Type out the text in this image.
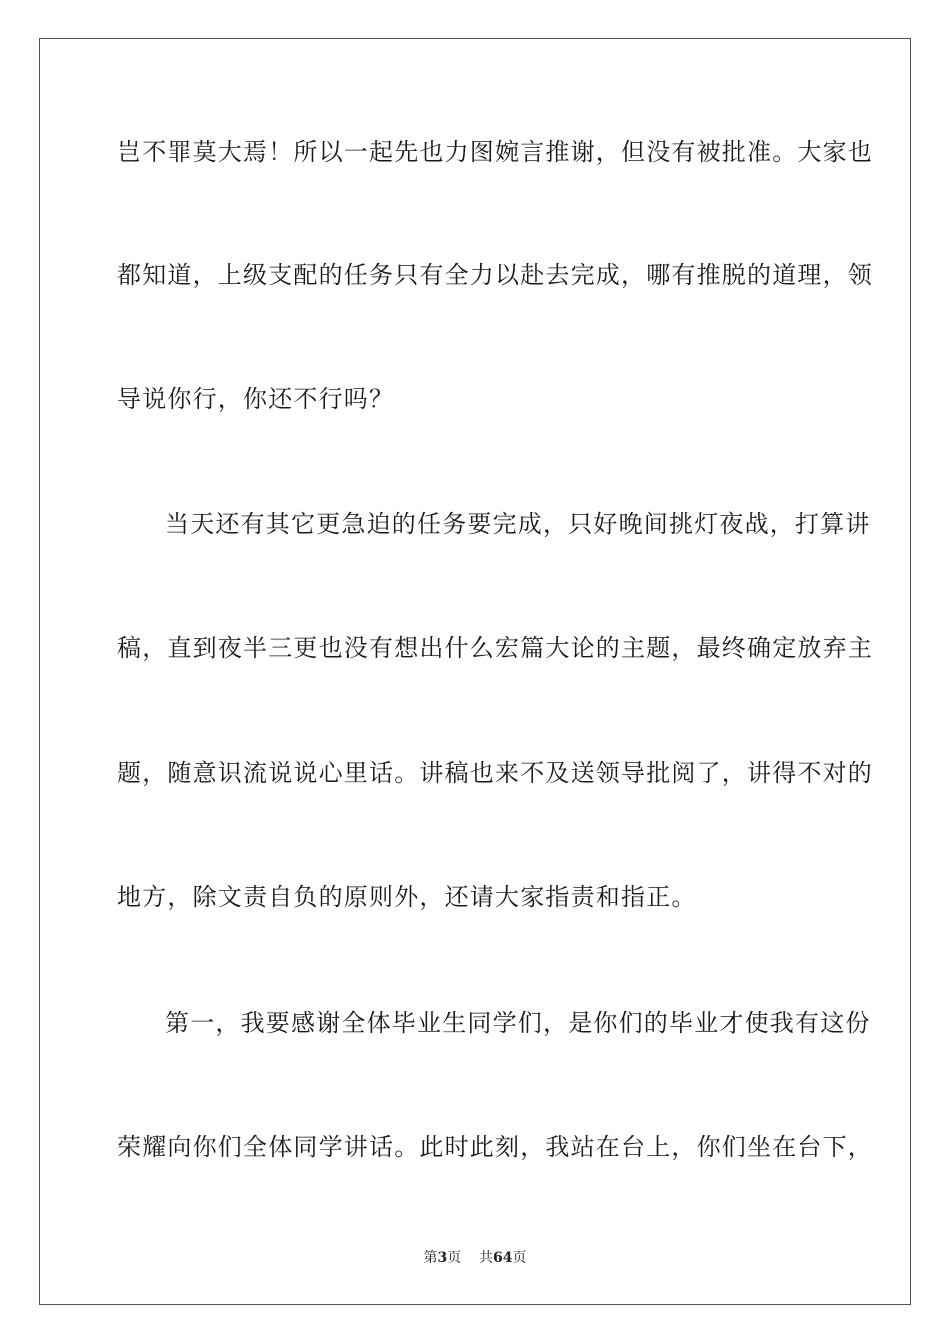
岂不罪莫大焉！所以一起先也力图婉言推谢，但没有被批准。大家也
都知道，上级支配的任务只有全力以赴去完成，哪有推脱的道理，领
导说你行，你还不行吗？
当天还有其它更急迫的任务要完成，只好晚间挑灯夜战，打算讲
稿，直到夜半三更也没有想出什么宏篇大论的主题，最终确定放弃主
题，随意识流说说心里话。讲稿也来不及送领导批阅了，讲得不对的
地方，除文责自负的原则外，还请大家指责和指正。
第一，我要感谢全体毕业生同学们，是你们的毕业才使我有这份
荣耀向你们全体同学讲话。此时此刻，我站在台上，你们坐在台下，
第3页 共64页
